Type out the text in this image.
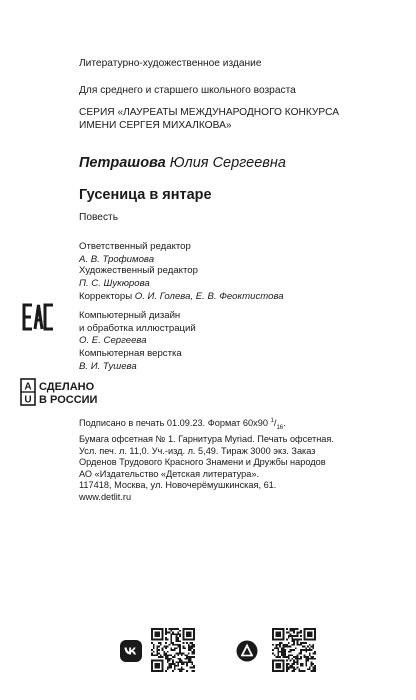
Литературно-художественное издание
Для среднего и старшего школьного возраста
СЕРИЯ «ЛАУРЕАТЫ МЕЖДУНАРОДНОГО КОНКУРСА
ИМЕНИ СЕРГЕЯ МИХАЛКОВА»
Петрашова Юлия Сергеевна
Гусеница в янтаре
Повесть
Ответственный редактор
А. В. Трофимова
Художественный редактор
П. С. Шукюрова
Корректоры О. И. Голева, Е. В. Феоктистова
Компьютерный дизайн
и обработка иллюстраций
О. Е. Сергеева
Компьютерная верстка
В. И. Тушева
EAC
А
U
СДЕЛАНО
В РОССИИ
Подписано в печать 01.09.23. Формат 60х90 $^1/_{16}$.
Бумага офсетная № 1. Гарнитура Myriad. Печать офсетная.
Усл. печ. л. 11,0. Уч.-изд. л. 5,49. Тираж 3000 экз. Заказ
Орденов Трудового Красного Знамени и Дружбы народов
АО «Издательство «Детская литература».
117418, Москва, ул. Новочерёмушкинская, 61.
www.detlit.ru
